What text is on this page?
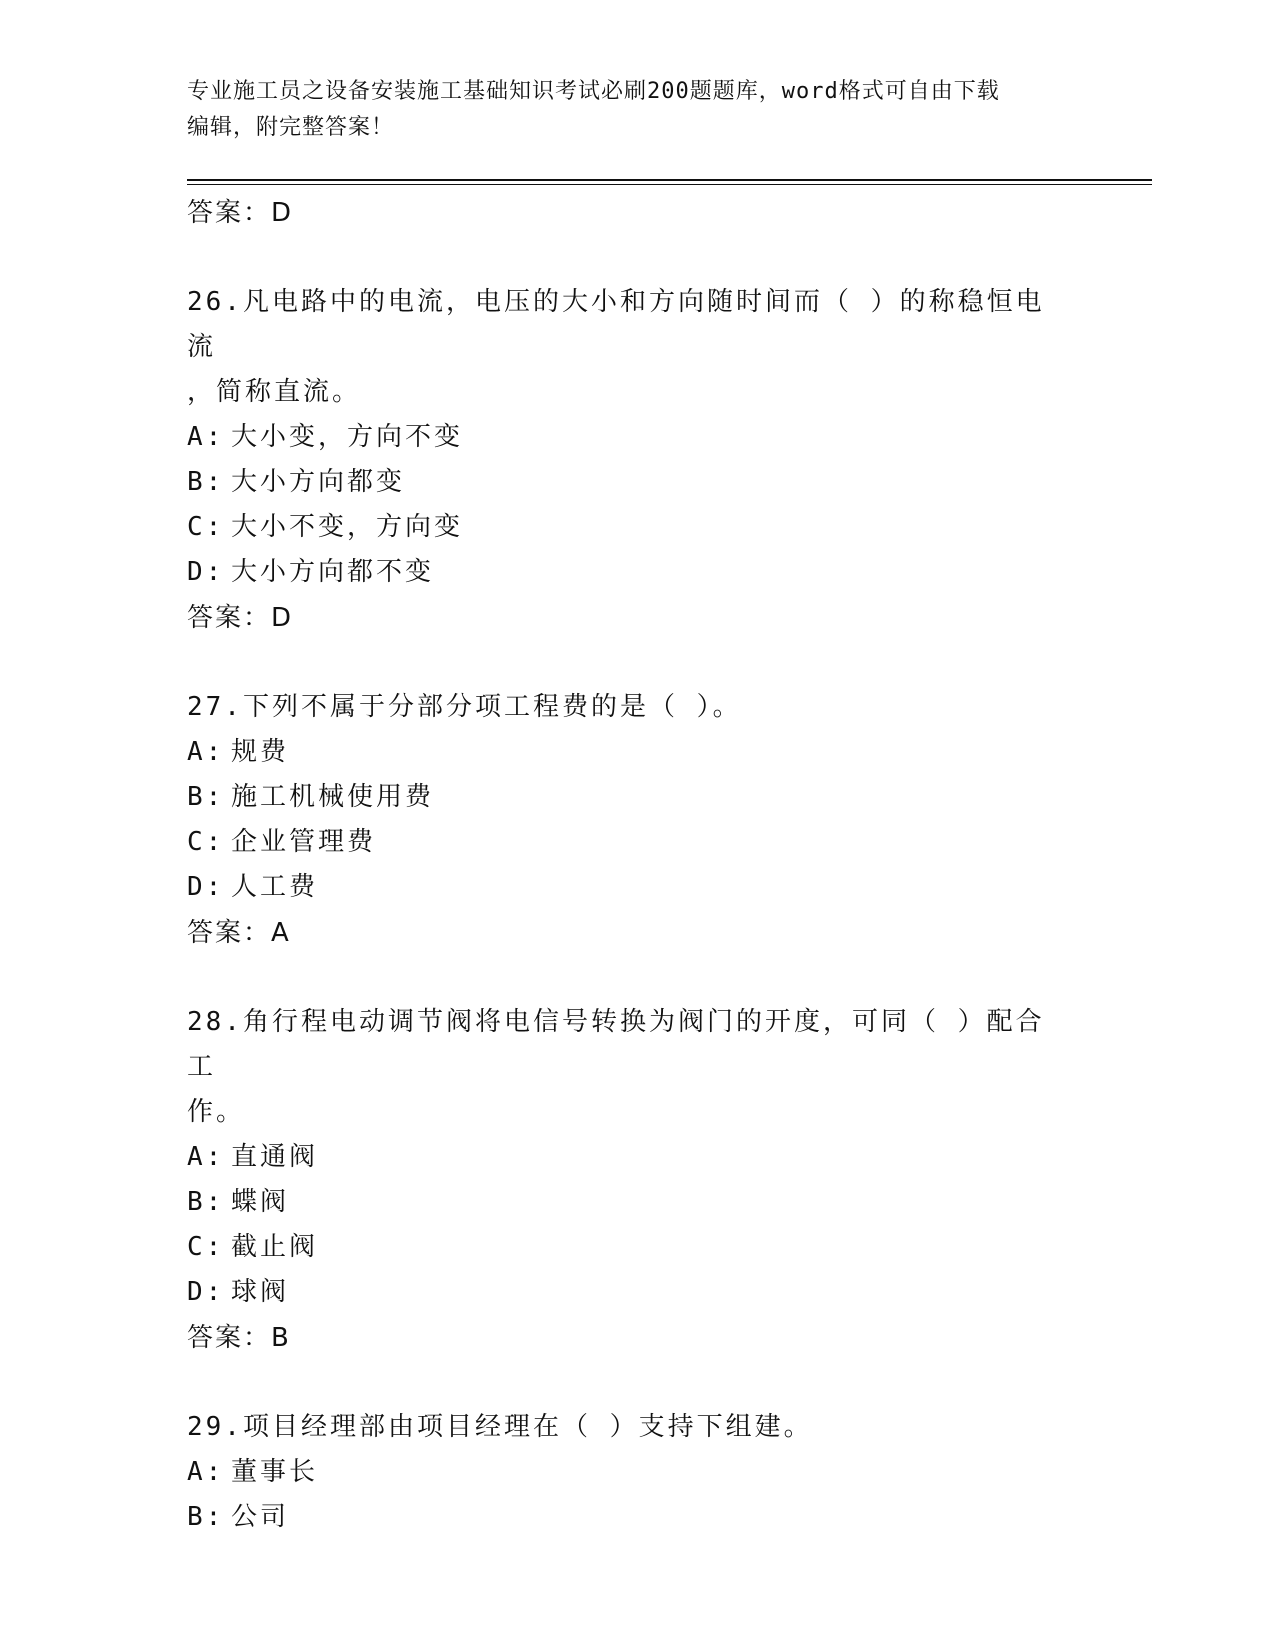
专业施工员之设备安装施工基础知识考试必刷200题题库，word格式可自由下载
编辑，附完整答案！
答案：D
26.凡电路中的电流，电压的大小和方向随时间而（ ）的称稳恒电流
，简称直流。
A: 大小变，方向不变
B: 大小方向都变
C: 大小不变，方向变
D: 大小方向都不变
答案：D
27.下列不属于分部分项工程费的是（ ）。
A: 规费
B: 施工机械使用费
C: 企业管理费
D: 人工费
答案：A
28.角行程电动调节阀将电信号转换为阀门的开度，可同（ ）配合工
作。
A: 直通阀
B: 蝶阀
C: 截止阀
D: 球阀
答案：B
29.项目经理部由项目经理在（ ）支持下组建。
A: 董事长
B: 公司
